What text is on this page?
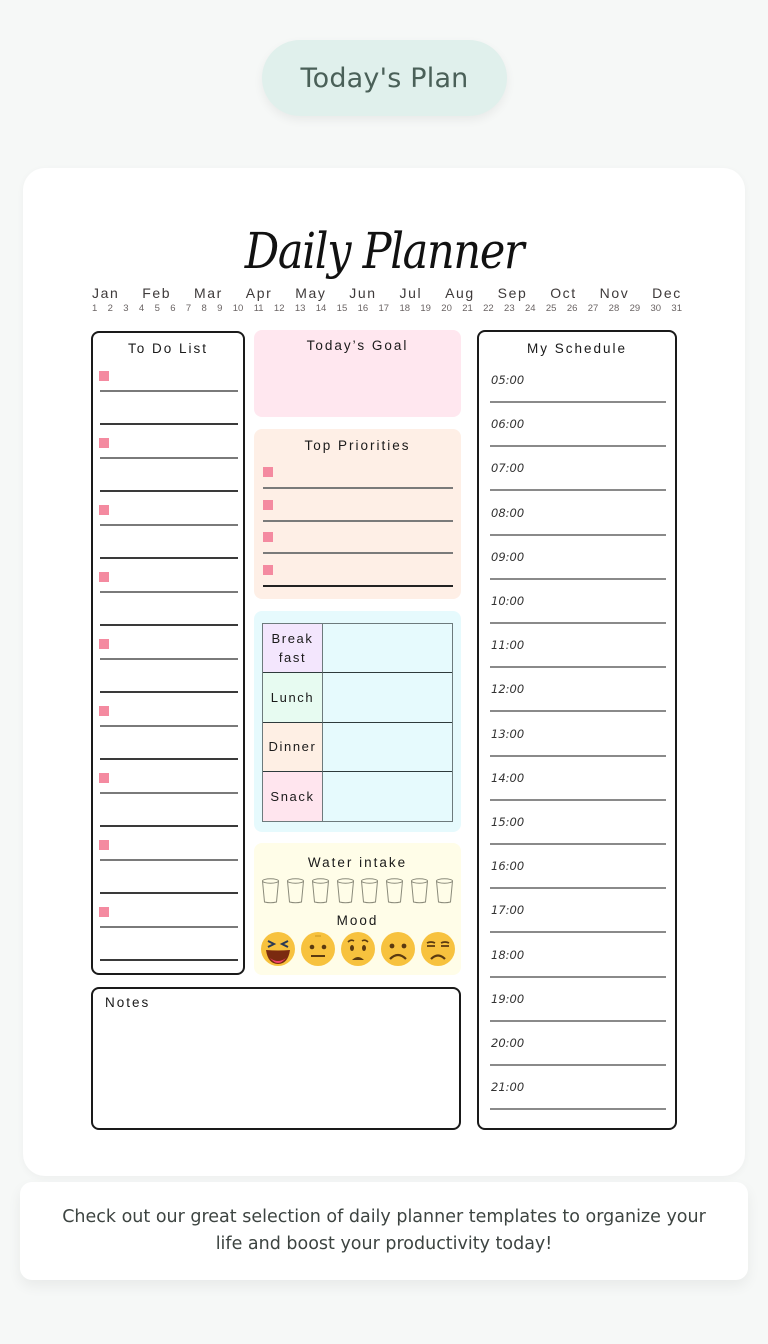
Today's Plan
Daily Planner
Jan Feb Mar Apr May Jun Jul Aug Sep Oct Nov Dec
1 2 3 4 5 6 7 8 9 10 11 12 13 14 15 16 17 18 19 20 21 22 23 24 25 26 27 28 29 30 31
To Do List	Today’s Goal
Top Priorities
Break
fast
Lunch
Dinner
Snack
Water intake
Mood
Notes
My Schedule
05:00
06:00
07:00
08:00
09:00
10:00
11:00
12:00
13:00
14:00
15:00
16:00
17:00
18:00
19:00
20:00
21:00

Check out our great selection of daily planner templates to organize your life and boost your productivity today!
